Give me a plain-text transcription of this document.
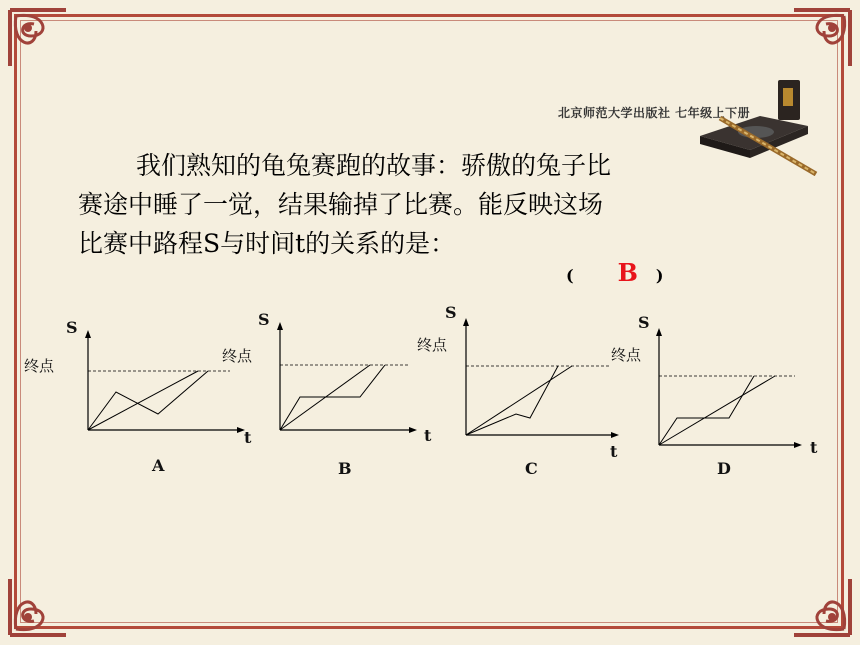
北京师范大学出版社 七年级上下册
我们熟知的龟兔赛跑的故事：骄傲的兔子比
赛途中睡了一觉，结果输掉了比赛。能反映这场
比赛中路程S与时间t的关系的是：
( B )
S
终点
t
A
S
终点
t
B
S
终点
t
C
S
终点
t
D
